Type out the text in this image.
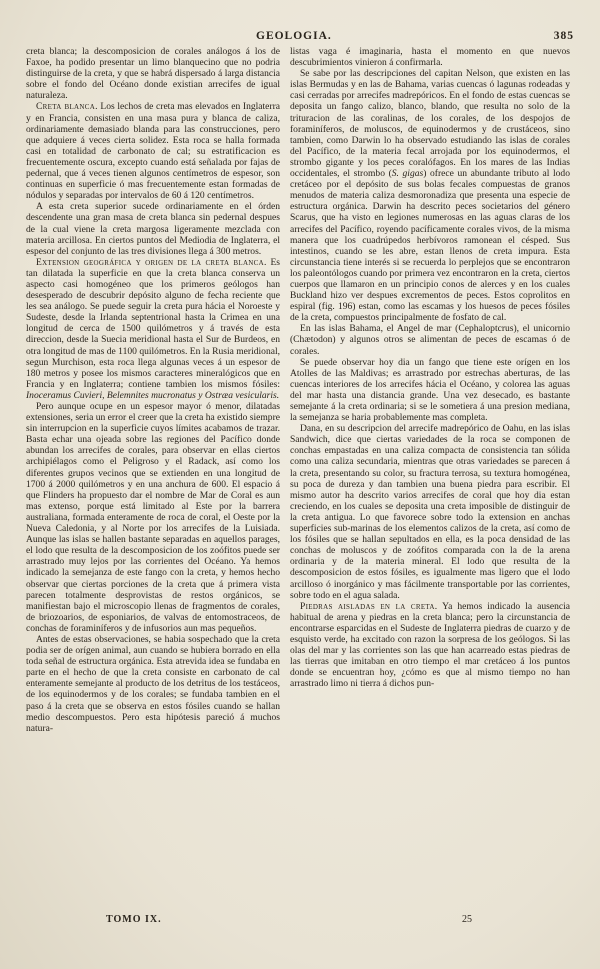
GEOLOGIA.	385

creta blanca; la descomposicion de corales análogos á los de Faxoe, ha podido presentar un limo blanquecino que no podria distinguirse de la creta, y que se habrá dispersado á larga distancia sobre el fondo del Océano donde existian arrecifes de igual naturaleza.

Creta blanca. Los lechos de creta mas elevados en Inglaterra y en Francia, consisten en una masa pura y blanca de caliza, ordinariamente demasiado blanda para las construcciones, pero que adquiere á veces cierta solidez. Esta roca se halla formada casi en totalidad de carbonato de cal; su estratificacion es frecuentemente oscura, excepto cuando está señalada por fajas de pedernal, que á veces tienen algunos centímetros de espesor, son continuas en superficie ó mas frecuentemente estan formadas de nódulos y separadas por intervalos de 60 á 120 centímetros.

A esta creta superior sucede ordinariamente en el órden descendente una gran masa de creta blanca sin pedernal despues de la cual viene la creta margosa ligeramente mezclada con materia arcillosa. En ciertos puntos del Mediodia de Inglaterra, el espesor del conjunto de las tres divisiones llega á 300 metros.

Extension geográfica y origen de la creta blanca. Es tan dilatada la superficie en que la creta blanca conserva un aspecto casi homogéneo que los primeros geólogos han desesperado de descubrir depósito alguno de fecha reciente que les sea análogo. Se puede seguir la creta pura hácia el Noroeste y Sudeste, desde la Irlanda septentrional hasta la Crimea en una longitud de cerca de 1500 quilómetros y á través de esta direccion, desde la Suecia meridional hasta el Sur de Burdeos, en otra longitud de mas de 1100 quilómetros. En la Rusia meridional, segun Murchison, esta roca llega algunas veces á un espesor de 180 metros y posee los mismos caracteres mineralógicos que en Francia y en Inglaterra; contiene tambien los mismos fósiles: Inoceramus Cuvieri, Belemnites mucronatus y Ostræa vesicularis.

Pero aunque ocupe en un espesor mayor ó menor, dilatadas extensiones, seria un error el creer que la creta ha existido siempre sin interrupcion en la superficie cuyos límites acabamos de trazar. Basta echar una ojeada sobre las regiones del Pacífico donde abundan los arrecifes de corales, para observar en ellas ciertos archipiélagos como el Peligroso y el Radack, así como los diferentes grupos vecinos que se extienden en una longitud de 1700 á 2000 quilómetros y en una anchura de 600. El espacio á que Flinders ha propuesto dar el nombre de Mar de Coral es aun mas extenso, porque está limitado al Este por la barrera australiana, formada enteramente de roca de coral, el Oeste por la Nueva Caledonia, y al Norte por los arrecifes de la Luisiada. Aunque las islas se hallen bastante separadas en aquellos parages, el lodo que resulta de la descomposicion de los zoófitos puede ser arrastrado muy lejos por las corrientes del Océano. Ya hemos indicado la semejanza de este fango con la creta, y hemos hecho observar que ciertas porciones de la creta que á primera vista parecen totalmente desprovistas de restos orgánicos, se manifiestan bajo el microscopio llenas de fragmentos de corales, de briozoarios, de esponiarios, de valvas de entomostraceos, de conchas de foraminíferos y de infusorios aun mas pequeños.

Antes de estas observaciones, se habia sospechado que la creta podia ser de orígen animal, aun cuando se hubiera borrado en ella toda señal de estructura orgánica. Esta atrevida idea se fundaba en parte en el hecho de que la creta consiste en carbonato de cal enteramente semejante al producto de los detritus de los testáceos, de los equinodermos y de los corales; se fundaba tambien en el paso á la creta que se observa en estos fósiles cuando se hallan medio descompuestos. Pero esta hipótesis pareció á muchos natura-

listas vaga é imaginaria, hasta el momento en que nuevos descubrimientos vinieron á confirmarla.

Se sabe por las descripciones del capitan Nelson, que existen en las islas Bermudas y en las de Bahama, varias cuencas ó lagunas rodeadas y casi cerradas por arrecifes madrepóricos. En el fondo de estas cuencas se deposita un fango calizo, blanco, blando, que resulta no solo de la trituracion de las coralinas, de los corales, de los despojos de foraminíferos, de moluscos, de equinodermos y de crustáceos, sino tambien, como Darwin lo ha observado estudiando las islas de corales del Pacífico, de la materia fecal arrojada por los equinodermos, el strombo gigante y los peces coralófagos. En los mares de las Indias occidentales, el strombo (S. gigas) ofrece un abundante tributo al lodo cretáceo por el depósito de sus bolas fecales compuestas de granos menudos de materia caliza desmoronadiza que presenta una especie de estructura orgánica. Darwin ha descrito peces societarios del género Scarus, que ha visto en legiones numerosas en las aguas claras de los arrecifes del Pacífico, royendo pacíficamente corales vivos, de la misma manera que los cuadrúpedos herbívoros ramonean el césped. Sus intestinos, cuando se les abre, estan llenos de creta impura. Esta circunstancia tiene interés si se recuerda lo perplejos que se encontraron los paleontólogos cuando por primera vez encontraron en la creta, ciertos cuerpos que llamaron en un principio conos de alerces y en los cuales Buckland hizo ver despues excrementos de peces. Estos coprolitos en espiral (fig. 196) estan, como las escamas y los huesos de peces fósiles de la creta, compuestos principalmente de fosfato de cal.

En las islas Bahama, el Angel de mar (Cephaloptcrus), el unicornio (Chætodon) y algunos otros se alimentan de peces de escamas ó de corales.

Se puede observar hoy dia un fango que tiene este orígen en los Atolles de las Maldivas; es arrastrado por estrechas aberturas, de las cuencas interiores de los arrecifes hácia el Océano, y colorea las aguas del mar hasta una distancia grande. Una vez desecado, es bastante semejante á la creta ordinaria; si se le sometiera á una presion mediana, la semejanza se haria probablemente mas completa.

Dana, en su descripcion del arrecife madrepórico de Oahu, en las islas Sandwich, dice que ciertas variedades de la roca se componen de conchas empastadas en una caliza compacta de consistencia tan sólida como una caliza secundaria, mientras que otras variedades se parecen á la creta, presentando su color, su fractura terrosa, su textura homogénea, su poca de dureza y dan tambien una buena piedra para escribir. El mismo autor ha descrito varios arrecifes de coral que hoy dia estan creciendo, en los cuales se deposita una creta imposible de distinguir de la creta antigua. Lo que favorece sobre todo la extension en anchas superficies sub-marinas de los elementos calizos de la creta, así como de los fósiles que se hallan sepultados en ella, es la poca densidad de las conchas de moluscos y de zoófitos comparada con la de la arena ordinaria y de la materia mineral. El lodo que resulta de la descomposicion de estos fósiles, es igualmente mas ligero que el lodo arcilloso ó inorgánico y mas fácilmente transportable por las corrientes, sobre todo en el agua salada.

Piedras aisladas en la creta. Ya hemos indicado la ausencia habitual de arena y piedras en la creta blanca; pero la circunstancia de encontrarse esparcidas en el Sudeste de Inglaterra piedras de cuarzo y de esquisto verde, ha excitado con razon la sorpresa de los geólogos. Si las olas del mar y las corrientes son las que han acarreado estas piedras de las tierras que imitaban en otro tiempo el mar cretáceo á los puntos donde se encuentran hoy, ¿cómo es que al mismo tiempo no han arrastrado limo ni tierra á dichos pun-

TOMO IX.	25
